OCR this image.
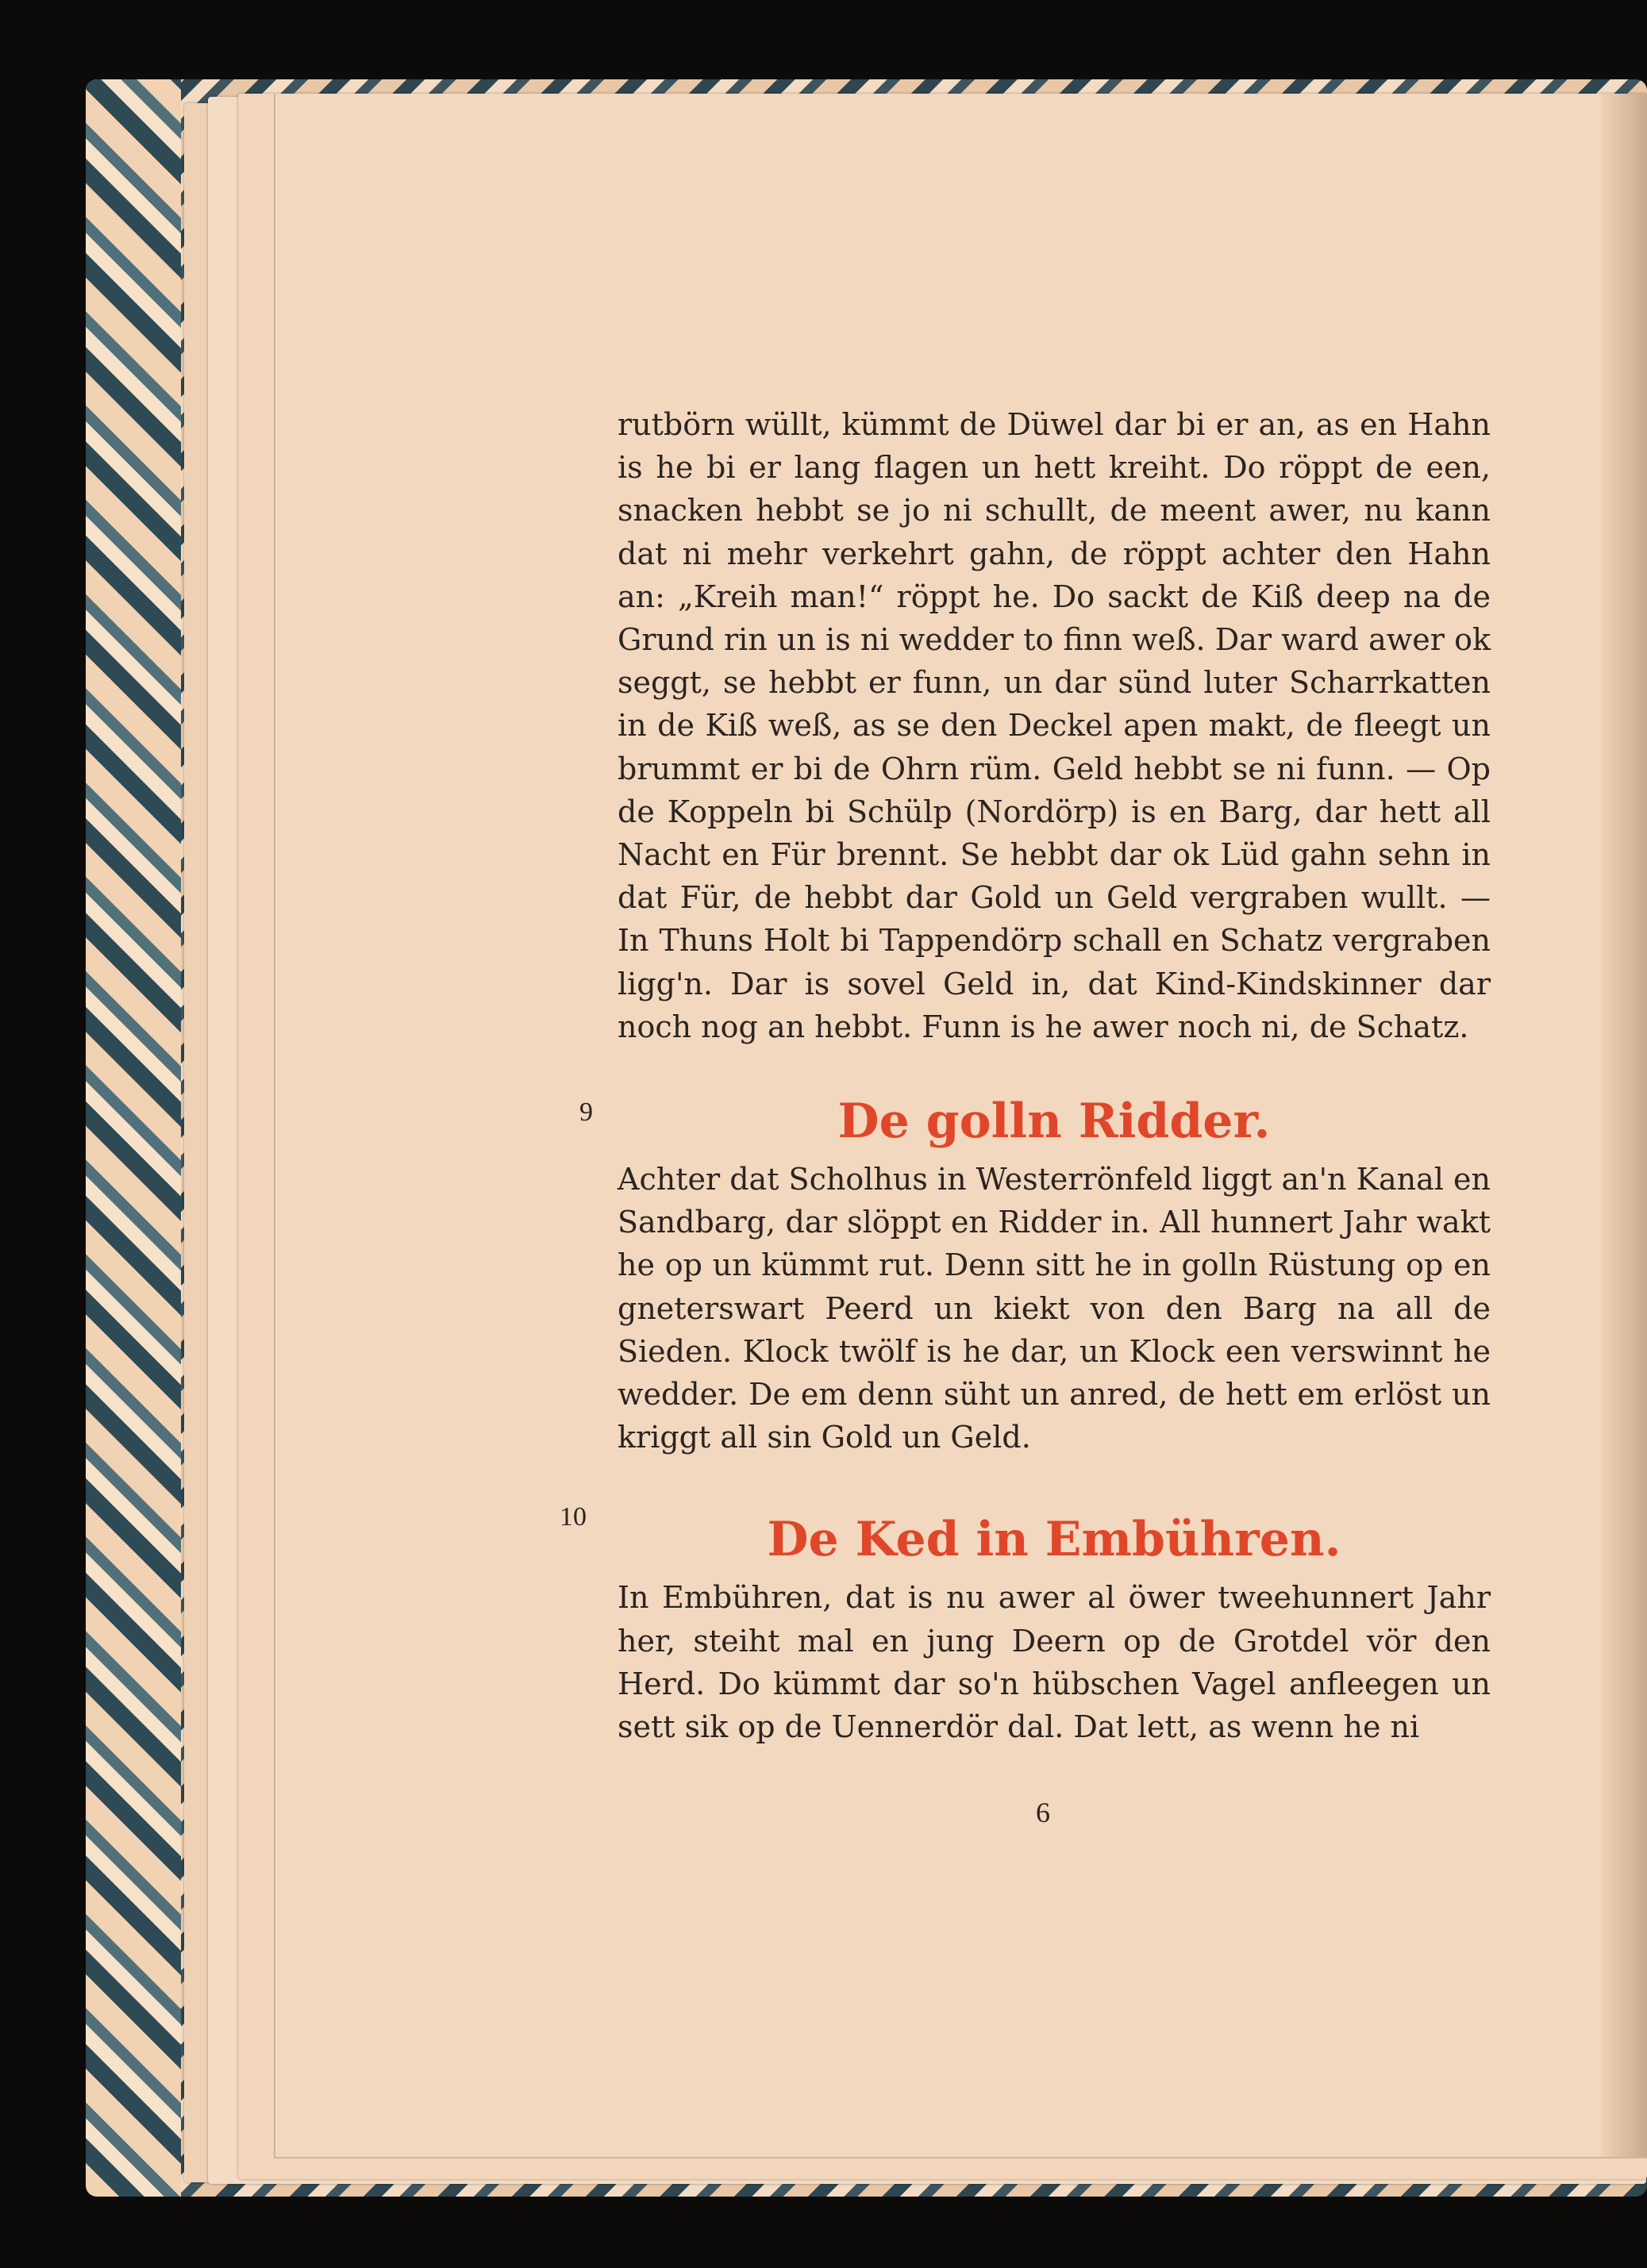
9
10

rutbörn wüllt, kümmt de Düwel dar bi er an, as en Hahn is he bi er lang flagen un hett kreiht. Do röppt de een, snacken hebbt se jo ni schullt, de meent awer, nu kann dat ni mehr verkehrt gahn, de röppt achter den Hahn an: „Kreih man!“ röppt he. Do sackt de Kiß deep na de Grund rin un is ni wedder to finn weß. Dar ward awer ok seggt, se hebbt er funn, un dar sünd luter Scharrkatten in de Kiß weß, as se den Deckel apen makt, de fleegt un brummt er bi de Ohrn rüm. Geld hebbt se ni funn. — Op de Koppeln bi Schülp (Nordörp) is en Barg, dar hett all Nacht en Für brennt. Se hebbt dar ok Lüd gahn sehn in dat Für, de hebbt dar Gold un Geld vergraben wullt. — In Thuns Holt bi Tappendörp schall en Schatz vergraben ligg'n. Dar is sovel Geld in, dat Kind-Kindskinner dar noch nog an hebbt. Funn is he awer noch ni, de Schatz.

De golln Ridder.

Achter dat Scholhus in Westerrönfeld liggt an'n Kanal en Sandbarg, dar slöppt en Ridder in. All hunnert Jahr wakt he op un kümmt rut. Denn sitt he in golln Rüstung op en gneterswart Peerd un kiekt von den Barg na all de Sieden. Klock twölf is he dar, un Klock een verswinnt he wedder. De em denn süht un anred, de hett em erlöst un kriggt all sin Gold un Geld.

De Ked in Embühren.

In Embühren, dat is nu awer al öwer tweehunnert Jahr her, steiht mal en jung Deern op de Grotdel vör den Herd. Do kümmt dar so'n hübschen Vagel anfleegen un sett sik op de Uennerdör dal. Dat lett, as wenn he ni

6
